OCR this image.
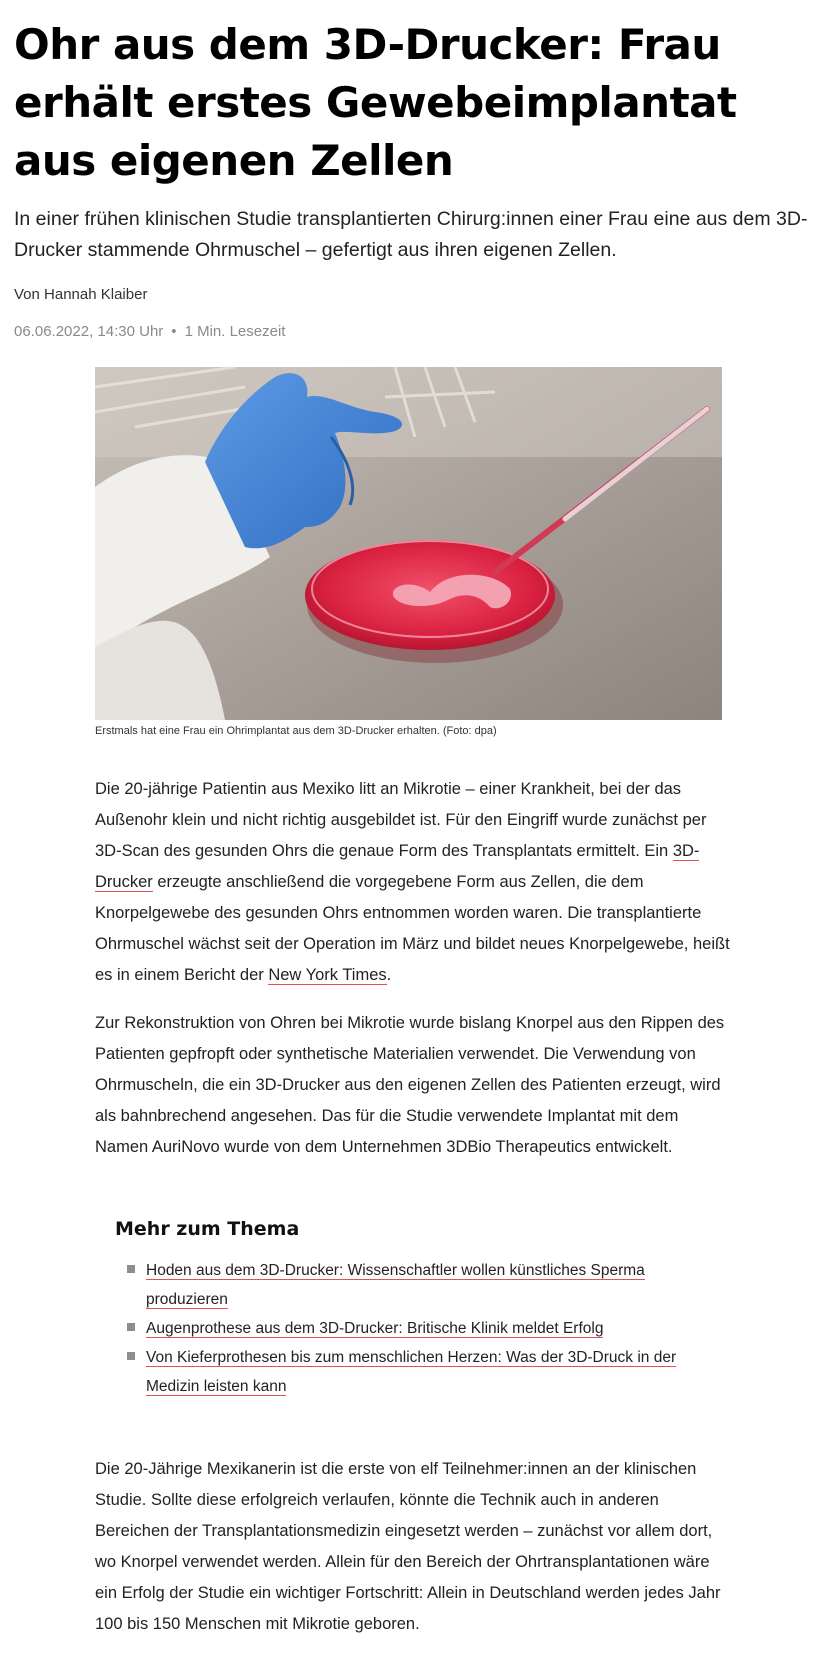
Ohr aus dem 3D-Drucker: Frau erhält erstes Gewebeimplantat aus eigenen Zellen

In einer frühen klinischen Studie transplantierten Chirurg:innen einer Frau eine aus dem 3D-Drucker stammende Ohrmuschel – gefertigt aus ihren eigenen Zellen.

Von Hannah Klaiber
06.06.2022, 14:30 Uhr • 1 Min. Lesezeit
Erstmals hat eine Frau ein Ohrimplantat aus dem 3D-Drucker erhalten. (Foto: dpa)

Die 20-jährige Patientin aus Mexiko litt an Mikrotie – einer Krankheit, bei der das Außenohr klein und nicht richtig ausgebildet ist. Für den Eingriff wurde zunächst per 3D-Scan des gesunden Ohrs die genaue Form des Transplantats ermittelt. Ein 3D-Drucker erzeugte anschließend die vorgegebene Form aus Zellen, die dem Knorpelgewebe des gesunden Ohrs entnommen worden waren. Die transplantierte Ohrmuschel wächst seit der Operation im März und bildet neues Knorpelgewebe, heißt es in einem Bericht der New York Times.

Zur Rekonstruktion von Ohren bei Mikrotie wurde bislang Knorpel aus den Rippen des Patienten gepfropft oder synthetische Materialien verwendet. Die Verwendung von Ohrmuscheln, die ein 3D-Drucker aus den eigenen Zellen des Patienten erzeugt, wird als bahnbrechend angesehen. Das für die Studie verwendete Implantat mit dem Namen AuriNovo wurde von dem Unternehmen 3DBio Therapeutics entwickelt.

Mehr zum Thema
Hoden aus dem 3D-Drucker: Wissenschaftler wollen künstliches Sperma produzieren
Augenprothese aus dem 3D-Drucker: Britische Klinik meldet Erfolg
Von Kieferprothesen bis zum menschlichen Herzen: Was der 3D-Druck in der Medizin leisten kann

Die 20-Jährige Mexikanerin ist die erste von elf Teilnehmer:innen an der klinischen Studie. Sollte diese erfolgreich verlaufen, könnte die Technik auch in anderen Bereichen der Transplantationsmedizin eingesetzt werden – zunächst vor allem dort, wo Knorpel verwendet werden. Allein für den Bereich der Ohrtransplantationen wäre ein Erfolg der Studie ein wichtiger Fortschritt: Allein in Deutschland werden jedes Jahr 100 bis 150 Menschen mit Mikrotie geboren.
